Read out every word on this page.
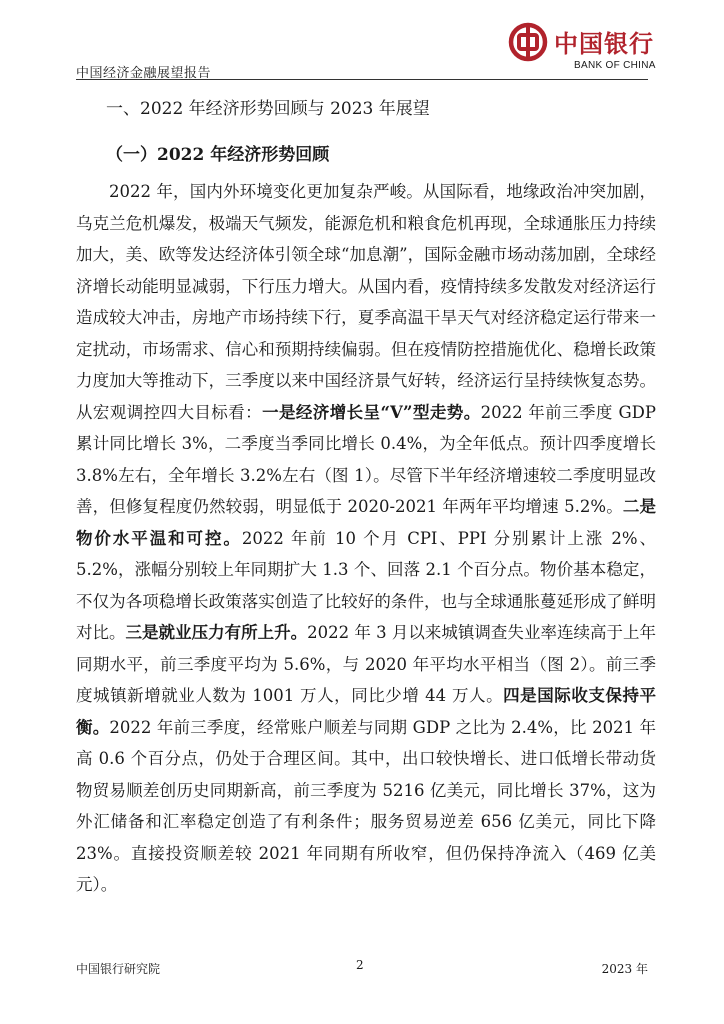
中国经济金融展望报告
中国银行
BANK OF CHINA
一、2022 年经济形势回顾与 2023 年展望
（一）2022 年经济形势回顾

2022 年，国内外环境变化更加复杂严峻。从国际看，地缘政治冲突加剧，乌克兰危机爆发，极端天气频发，能源危机和粮食危机再现，全球通胀压力持续加大，美、欧等发达经济体引领全球“加息潮”，国际金融市场动荡加剧，全球经济增长动能明显减弱，下行压力增大。从国内看，疫情持续多发散发对经济运行造成较大冲击，房地产市场持续下行，夏季高温干旱天气对经济稳定运行带来一定扰动，市场需求、信心和预期持续偏弱。但在疫情防控措施优化、稳增长政策力度加大等推动下，三季度以来中国经济景气好转，经济运行呈持续恢复态势。从宏观调控四大目标看：一是经济增长呈“V”型走势。2022 年前三季度 GDP 累计同比增长 3%，二季度当季同比增长 0.4%，为全年低点。预计四季度增长 3.8%左右，全年增长 3.2%左右（图 1）。尽管下半年经济增速较二季度明显改善，但修复程度仍然较弱，明显低于 2020-2021 年两年平均增速 5.2%。二是物价水平温和可控。2022 年前 10 个月 CPI、PPI 分别累计上涨 2%、5.2%，涨幅分别较上年同期扩大 1.3 个、回落 2.1 个百分点。物价基本稳定，不仅为各项稳增长政策落实创造了比较好的条件，也与全球通胀蔓延形成了鲜明对比。三是就业压力有所上升。2022 年 3 月以来城镇调查失业率连续高于上年同期水平，前三季度平均为 5.6%，与 2020 年平均水平相当（图 2）。前三季度城镇新增就业人数为 1001 万人，同比少增 44 万人。四是国际收支保持平衡。2022 年前三季度，经常账户顺差与同期 GDP 之比为 2.4%，比 2021 年高 0.6 个百分点，仍处于合理区间。其中，出口较快增长、进口低增长带动货物贸易顺差创历史同期新高，前三季度为 5216 亿美元，同比增长 37%，这为外汇储备和汇率稳定创造了有利条件；服务贸易逆差 656 亿美元，同比下降 23%。直接投资顺差较 2021 年同期有所收窄，但仍保持净流入（469 亿美元）。

中国银行研究院	2	2023 年
